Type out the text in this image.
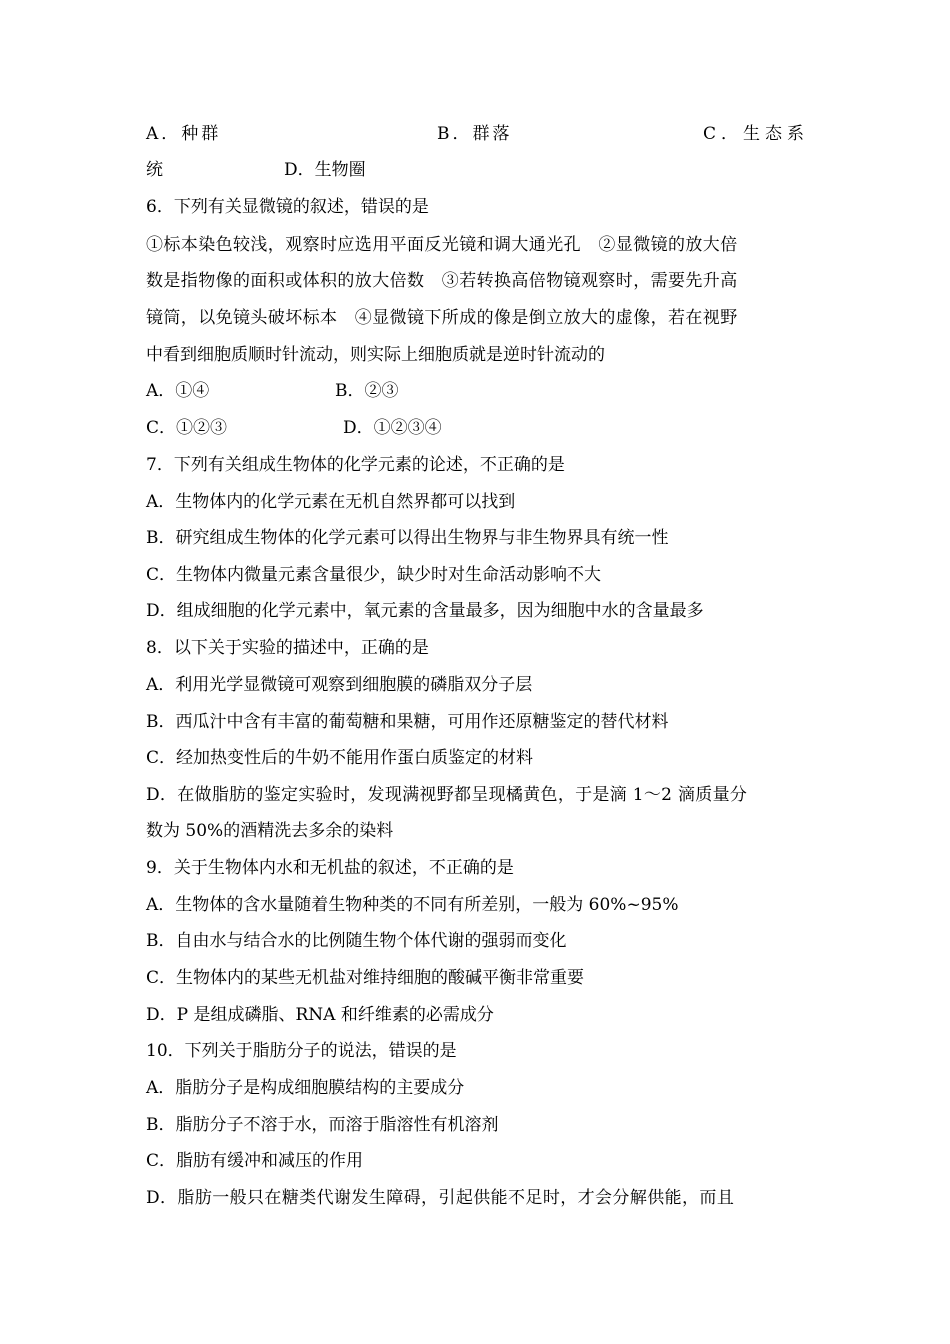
A．种群	B．群落	C．生态系
统	D．生物圈
6．下列有关显微镜的叙述，错误的是
①标本染色较浅，观察时应选用平面反光镜和调大通光孔　②显微镜的放大倍
数是指物像的面积或体积的放大倍数　③若转换高倍物镜观察时，需要先升高
镜筒，以免镜头破坏标本　④显微镜下所成的像是倒立放大的虚像，若在视野
中看到细胞质顺时针流动，则实际上细胞质就是逆时针流动的
A．①④	B．②③
C．①②③	D．①②③④
7．下列有关组成生物体的化学元素的论述，不正确的是
A．生物体内的化学元素在无机自然界都可以找到
B．研究组成生物体的化学元素可以得出生物界与非生物界具有统一性
C．生物体内微量元素含量很少，缺少时对生命活动影响不大
D．组成细胞的化学元素中，氧元素的含量最多，因为细胞中水的含量最多
8．以下关于实验的描述中，正确的是
A．利用光学显微镜可观察到细胞膜的磷脂双分子层
B．西瓜汁中含有丰富的葡萄糖和果糖，可用作还原糖鉴定的替代材料
C．经加热变性后的牛奶不能用作蛋白质鉴定的材料
D．在做脂肪的鉴定实验时，发现满视野都呈现橘黄色，于是滴 1～2 滴质量分
数为 50%的酒精洗去多余的染料
9．关于生物体内水和无机盐的叙述，不正确的是
A．生物体的含水量随着生物种类的不同有所差别，一般为 60%~95%
B．自由水与结合水的比例随生物个体代谢的强弱而变化
C．生物体内的某些无机盐对维持细胞的酸碱平衡非常重要
D．P 是组成磷脂、RNA 和纤维素的必需成分
10．下列关于脂肪分子的说法，错误的是
A．脂肪分子是构成细胞膜结构的主要成分
B．脂肪分子不溶于水，而溶于脂溶性有机溶剂
C．脂肪有缓冲和减压的作用
D．脂肪一般只在糖类代谢发生障碍，引起供能不足时，才会分解供能，而且
